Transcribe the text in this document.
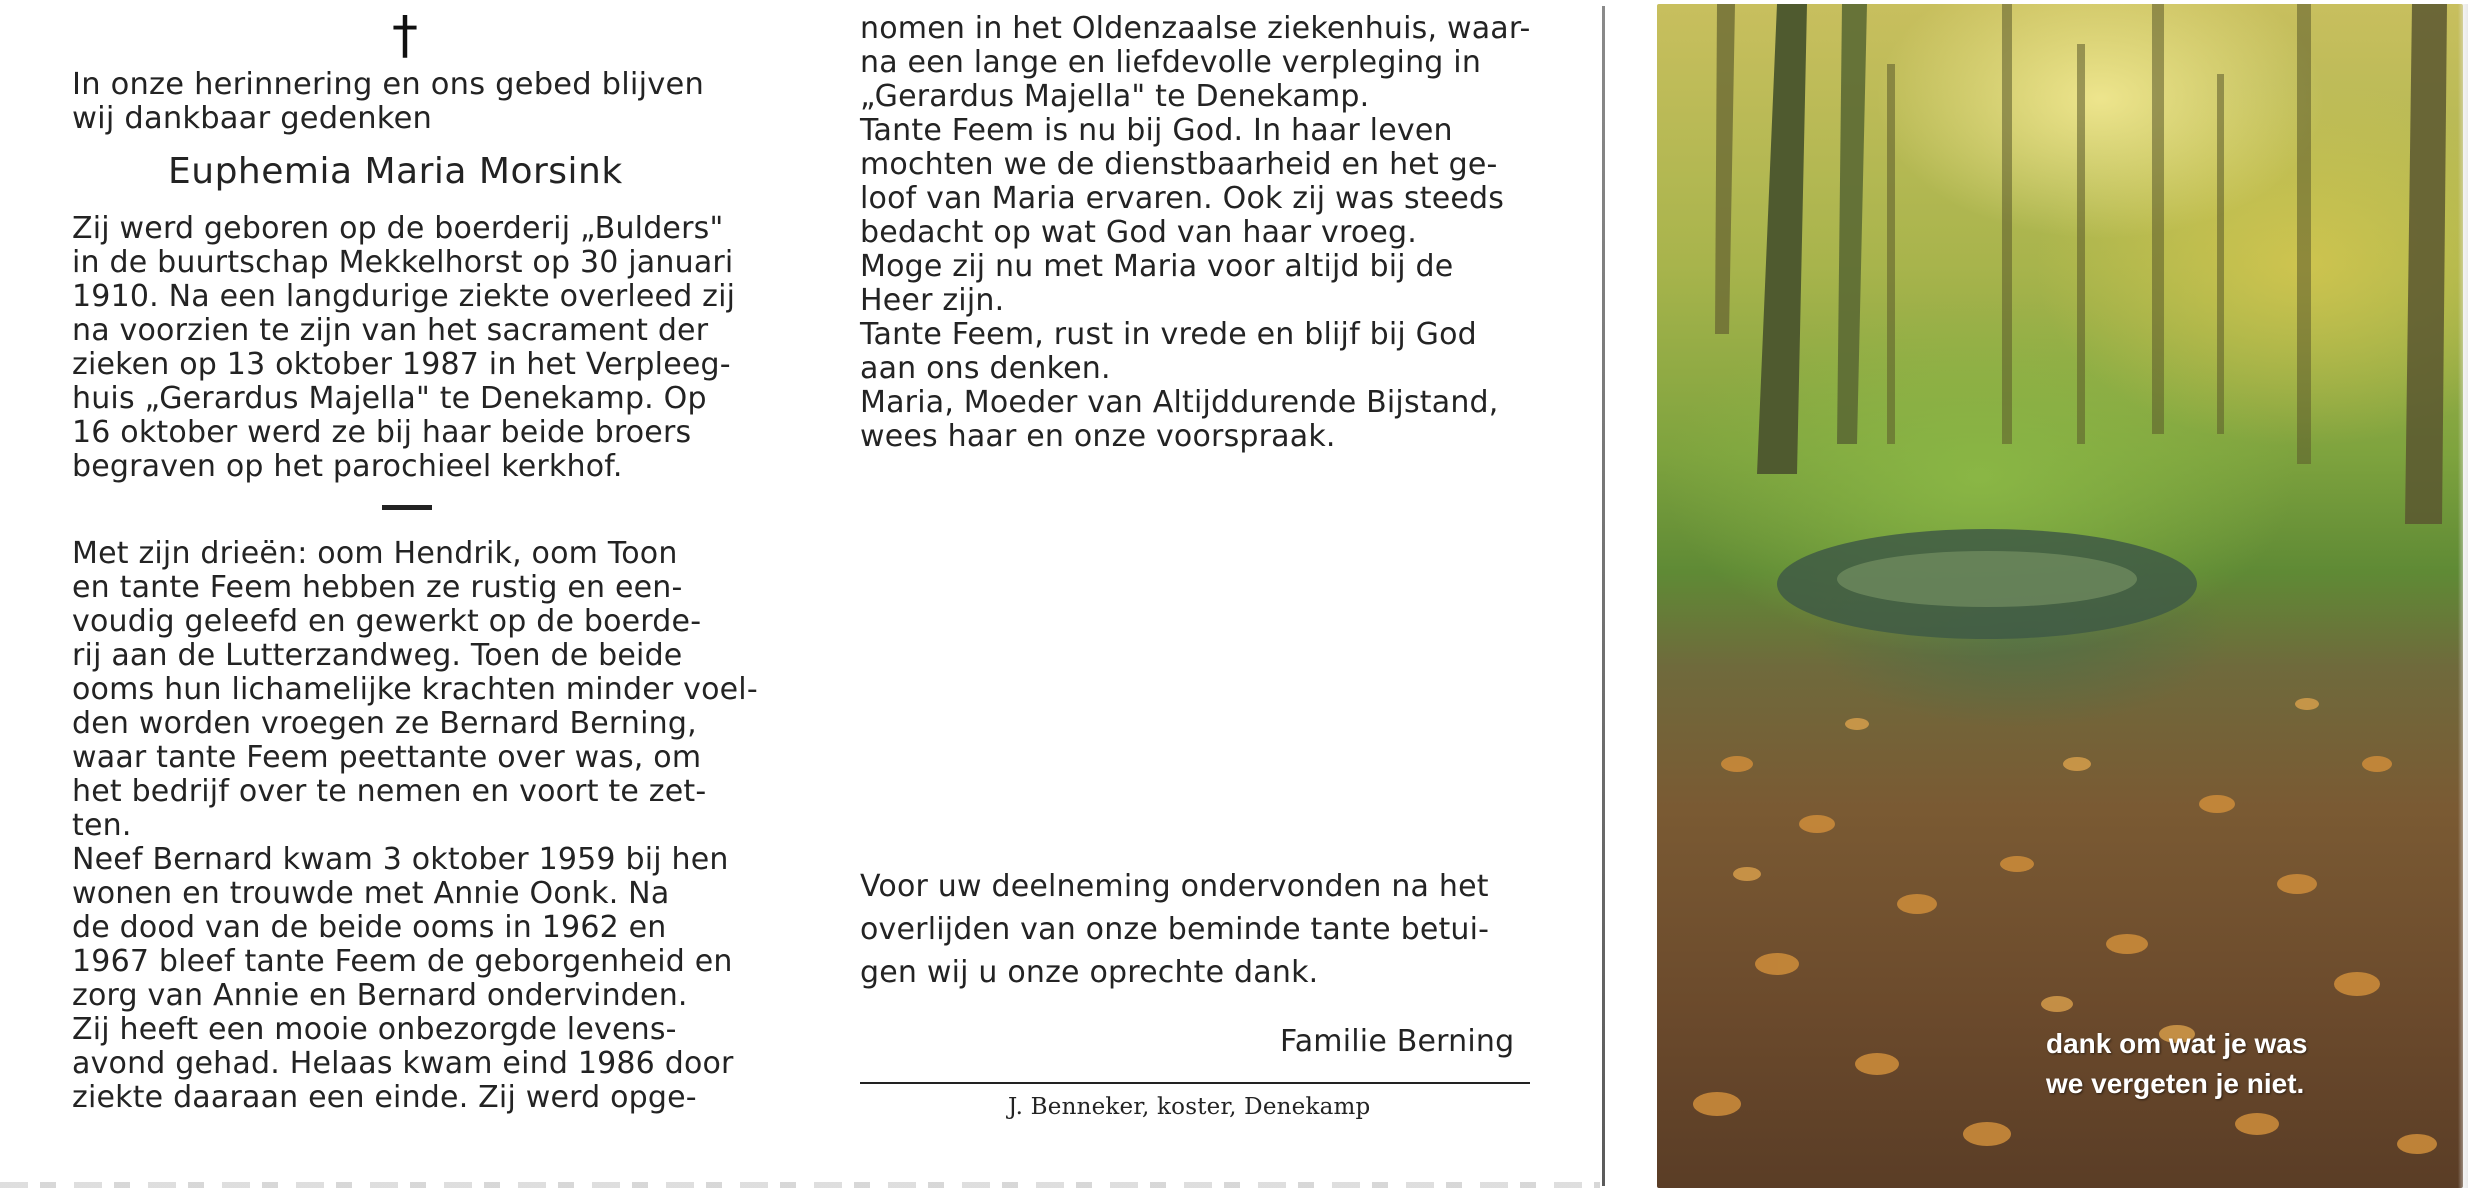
†
In onze herinnering en ons gebed blijven
wij dankbaar gedenken
Euphemia Maria Morsink
Zij werd geboren op de boerderij „Bulders"
in de buurtschap Mekkelhorst op 30 januari
1910. Na een langdurige ziekte overleed zij
na voorzien te zijn van het sacrament der
zieken op 13 oktober 1987 in het Verpleeg-
huis „Gerardus Majella" te Denekamp. Op
16 oktober werd ze bij haar beide broers
begraven op het parochieel kerkhof.
Met zijn drieën: oom Hendrik, oom Toon
en tante Feem hebben ze rustig en een-
voudig geleefd en gewerkt op de boerde-
rij aan de Lutterzandweg. Toen de beide
ooms hun lichamelijke krachten minder voel-
den worden vroegen ze Bernard Berning,
waar tante Feem peettante over was, om
het bedrijf over te nemen en voort te zet-
ten.
Neef Bernard kwam 3 oktober 1959 bij hen
wonen en trouwde met Annie Oonk. Na
de dood van de beide ooms in 1962 en
1967 bleef tante Feem de geborgenheid en
zorg van Annie en Bernard ondervinden.
Zij heeft een mooie onbezorgde levens-
avond gehad. Helaas kwam eind 1986 door
ziekte daaraan een einde. Zij werd opge-
nomen in het Oldenzaalse ziekenhuis, waar-
na een lange en liefdevolle verpleging in
„Gerardus Majella" te Denekamp.
Tante Feem is nu bij God. In haar leven
mochten we de dienstbaarheid en het ge-
loof van Maria ervaren. Ook zij was steeds
bedacht op wat God van haar vroeg.
Moge zij nu met Maria voor altijd bij de
Heer zijn.
Tante Feem, rust in vrede en blijf bij God
aan ons denken.
Maria, Moeder van Altijddurende Bijstand,
wees haar en onze voorspraak.
Voor uw deelneming ondervonden na het
overlijden van onze beminde tante betui-
gen wij u onze oprechte dank.
Familie Berning
J. Benneker, koster, Denekamp
dank om wat je was
we vergeten je niet.
